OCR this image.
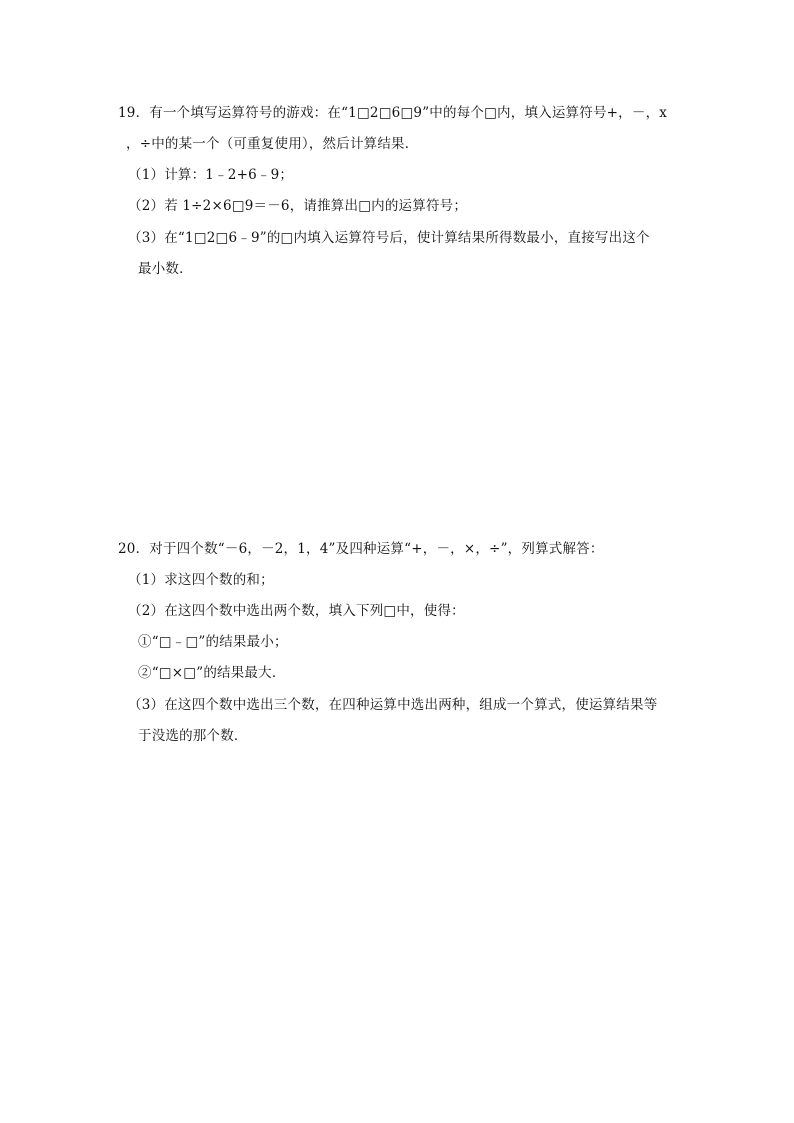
19．有一个填写运算符号的游戏：在“1□2□6□9”中的每个□内，填入运算符号+，－，x
，÷中的某一个（可重复使用），然后计算结果．
（1）计算：1﹣2+6﹣9；
（2）若 1÷2×6□9＝－6，请推算出□内的运算符号；
（3）在“1□2□6﹣9”的□内填入运算符号后，使计算结果所得数最小，直接写出这个
最小数．
20．对于四个数“－6，－2，1，4”及四种运算“+，－，×，÷”，列算式解答：
（1）求这四个数的和；
（2）在这四个数中选出两个数，填入下列□中，使得：
①“□﹣□”的结果最小；
②“□×□”的结果最大．
（3）在这四个数中选出三个数，在四种运算中选出两种，组成一个算式，使运算结果等
于没选的那个数．
